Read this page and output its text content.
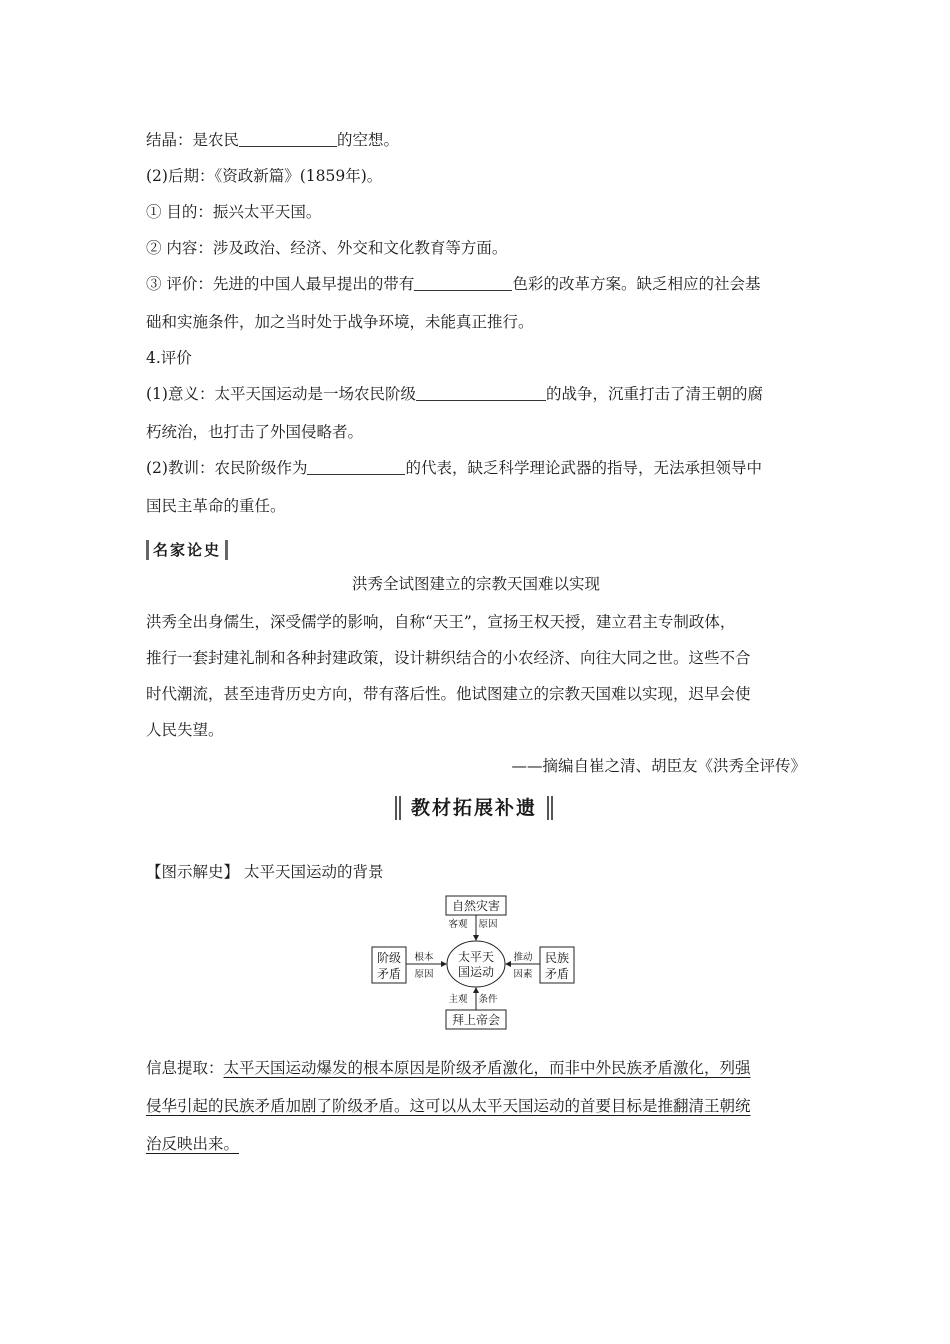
结晶：是农民	的空想。
(2)后期：《资政新篇》(1859年)。
① 目的：振兴太平天国。
② 内容：涉及政治、经济、外交和文化教育等方面。
③ 评价：先进的中国人最早提出的带有	色彩的改革方案。缺乏相应的社会基
础和实施条件，加之当时处于战争环境，未能真正推行。
4.评价
(1)意义：太平天国运动是一场农民阶级	的战争，沉重打击了清王朝的腐
朽统治，也打击了外国侵略者。
(2)教训：农民阶级作为	的代表，缺乏科学理论武器的指导，无法承担领导中
国民主革命的重任。
名家论史
洪秀全试图建立的宗教天国难以实现
洪秀全出身儒生，深受儒学的影响，自称“天王”，宣扬王权天授，建立君主专制政体，
推行一套封建礼制和各种封建政策，设计耕织结合的小农经济、向往大同之世。这些不合
时代潮流，甚至违背历史方向，带有落后性。他试图建立的宗教天国难以实现，迟早会使
人民失望。
——摘编自崔之清、胡臣友《洪秀全评传》
教材拓展补遗
【图示解史】 太平天国运动的背景
自然灾害
阶级
矛盾
民族
矛盾
拜上帝会
太平天
国运动
客观 原因
根本
原因
推动
因素
主观 条件
信息提取：太平天国运动爆发的根本原因是阶级矛盾激化，而非中外民族矛盾激化，列强
侵华引起的民族矛盾加剧了阶级矛盾。这可以从太平天国运动的首要目标是推翻清王朝统
治反映出来。
